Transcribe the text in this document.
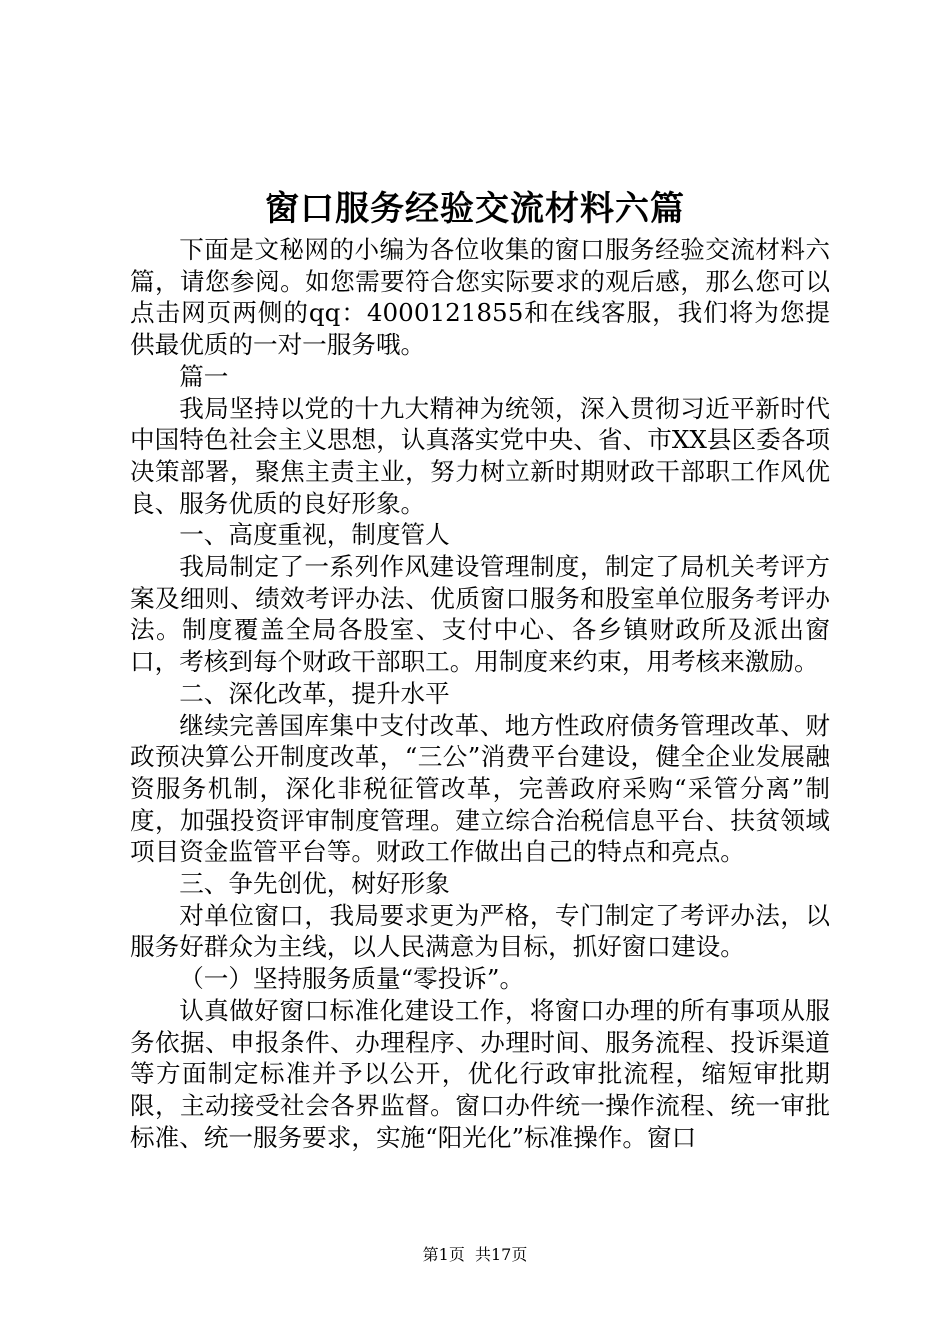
窗口服务经验交流材料六篇

下面是文秘网的小编为各位收集的窗口服务经验交流材料六篇，请您参阅。如您需要符合您实际要求的观后感，那么您可以点击网页两侧的qq：4000121855和在线客服，我们将为您提供最优质的一对一服务哦。

篇一

我局坚持以党的十九大精神为统领，深入贯彻习近平新时代中国特色社会主义思想，认真落实党中央、省、市XX县区委各项决策部署，聚焦主责主业，努力树立新时期财政干部职工作风优良、服务优质的良好形象。

一、高度重视，制度管人

我局制定了一系列作风建设管理制度，制定了局机关考评方案及细则、绩效考评办法、优质窗口服务和股室单位服务考评办法。制度覆盖全局各股室、支付中心、各乡镇财政所及派出窗口，考核到每个财政干部职工。用制度来约束，用考核来激励。

二、深化改革，提升水平

继续完善国库集中支付改革、地方性政府债务管理改革、财政预决算公开制度改革，“三公”消费平台建设，健全企业发展融资服务机制，深化非税征管改革，完善政府采购“采管分离”制度，加强投资评审制度管理。建立综合治税信息平台、扶贫领域项目资金监管平台等。财政工作做出自己的特点和亮点。

三、争先创优，树好形象

对单位窗口，我局要求更为严格，专门制定了考评办法，以服务好群众为主线，以人民满意为目标，抓好窗口建设。

（一）坚持服务质量“零投诉”。

认真做好窗口标准化建设工作，将窗口办理的所有事项从服务依据、申报条件、办理程序、办理时间、服务流程、投诉渠道等方面制定标准并予以公开，优化行政审批流程，缩短审批期限，主动接受社会各界监督。窗口办件统一操作流程、统一审批标准、统一服务要求，实施“阳光化”标准操作。窗口

第1页  共17页
